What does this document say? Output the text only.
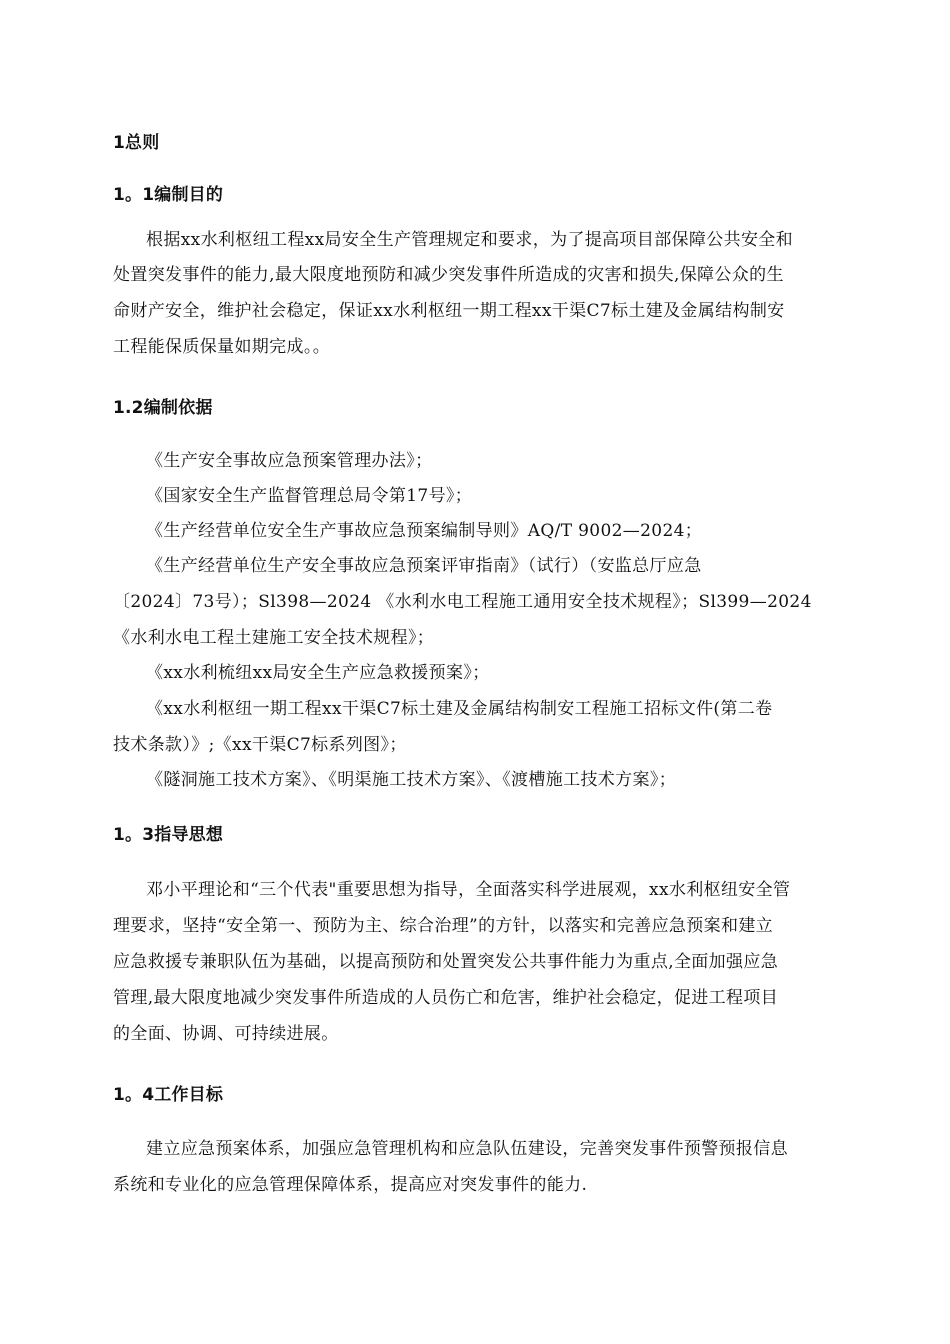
1总则
1。1编制目的
根据xx水利枢纽工程xx局安全生产管理规定和要求，为了提高项目部保障公共安全和
处置突发事件的能力,最大限度地预防和减少突发事件所造成的灾害和损失,保障公众的生
命财产安全，维护社会稳定，保证xx水利枢纽一期工程xx干渠C7标土建及金属结构制安
工程能保质保量如期完成。。
1.2编制依据
《生产安全事故应急预案管理办法》；
《国家安全生产监督管理总局令第17号》；
《生产经营单位安全生产事故应急预案编制导则》AQ/T 9002—2024；
《生产经营单位生产安全事故应急预案评审指南》（试行）（安监总厅应急
〔2024〕73号）；Sl398—2024 《水利水电工程施工通用安全技术规程》；Sl399—2024
《水利水电工程土建施工安全技术规程》；
《xx水利梳纽xx局安全生产应急救援预案》；
《xx水利枢纽一期工程xx干渠C7标土建及金属结构制安工程施工招标文件(第二卷
技术条款）》;《xx干渠C7标系列图》；
《隧洞施工技术方案》、《明渠施工技术方案》、《渡槽施工技术方案》；
1。3指导思想
邓小平理论和“三个代表"重要思想为指导，全面落实科学进展观，xx水利枢纽安全管
理要求，坚持“安全第一、预防为主、综合治理”的方针，以落实和完善应急预案和建立
应急救援专兼职队伍为基础，以提高预防和处置突发公共事件能力为重点,全面加强应急
管理,最大限度地减少突发事件所造成的人员伤亡和危害，维护社会稳定，促进工程项目
的全面、协调、可持续进展。
1。4工作目标
建立应急预案体系，加强应急管理机构和应急队伍建设，完善突发事件预警预报信息
系统和专业化的应急管理保障体系，提高应对突发事件的能力.
